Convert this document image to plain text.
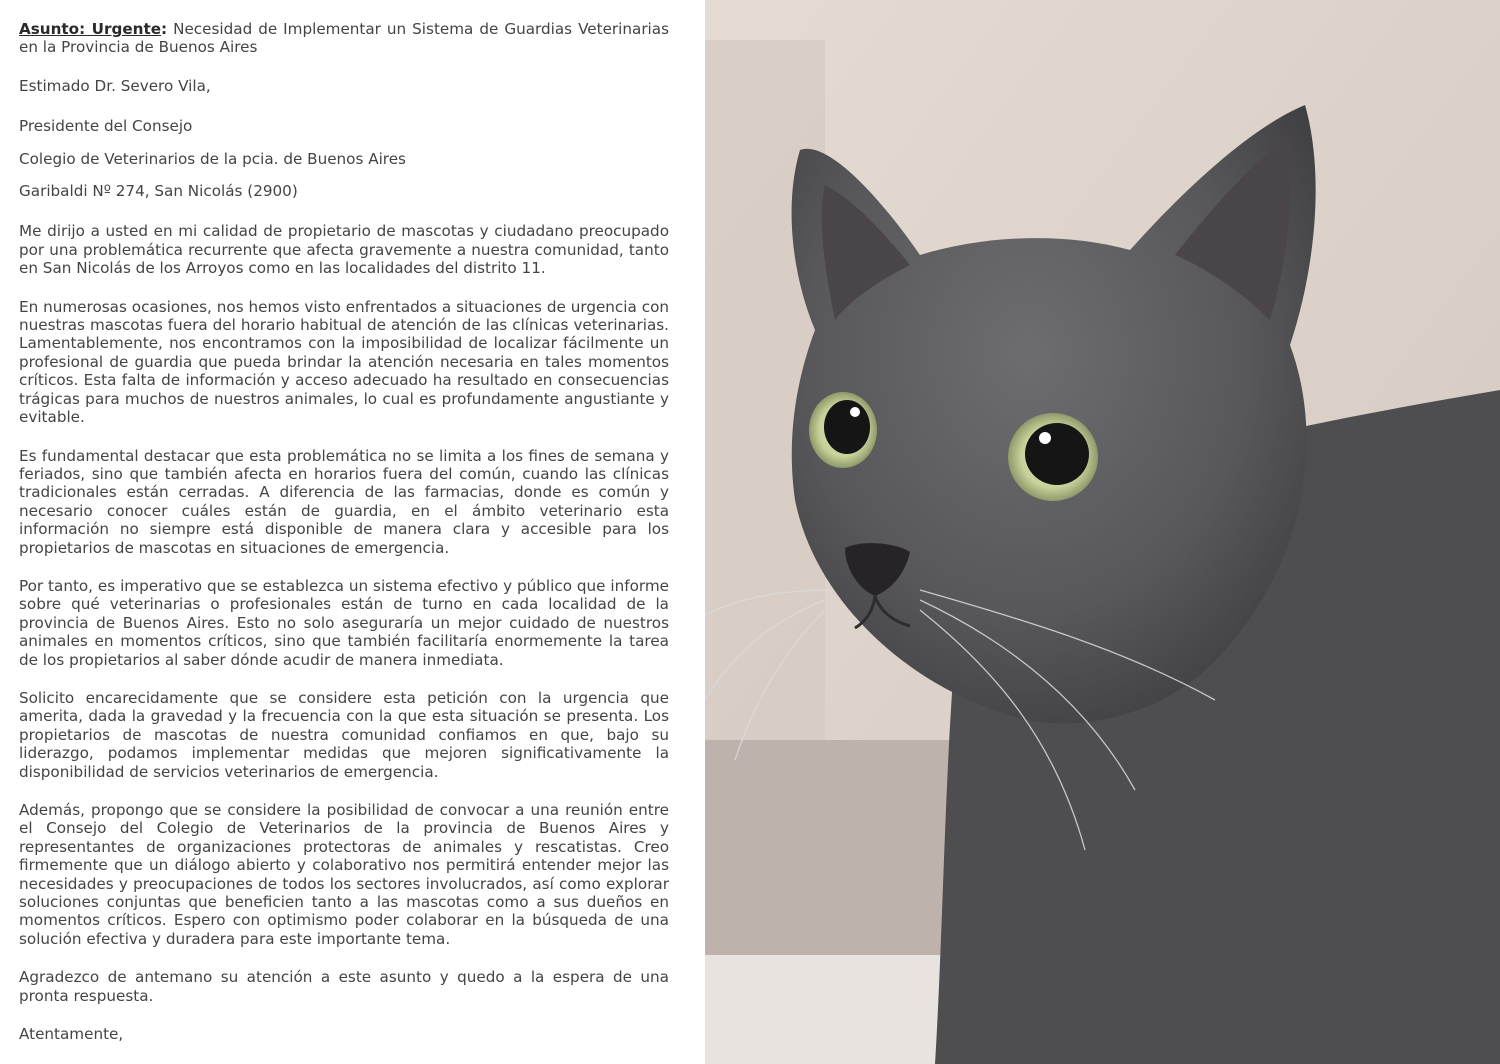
Asunto: Urgente: Necesidad de Implementar un Sistema de Guardias Veterinarias en la Provincia de Buenos Aires

Estimado Dr. Severo Vila,

Presidente del Consejo

Colegio de Veterinarios de la pcia. de Buenos Aires

Garibaldi Nº 274, San Nicolás (2900)

Me dirijo a usted en mi calidad de propietario de mascotas y ciudadano preocupado por una problemática recurrente que afecta gravemente a nuestra comunidad, tanto en San Nicolás de los Arroyos como en las localidades del distrito 11.

En numerosas ocasiones, nos hemos visto enfrentados a situaciones de urgencia con nuestras mascotas fuera del horario habitual de atención de las clínicas veterinarias. Lamentablemente, nos encontramos con la imposibilidad de localizar fácilmente un profesional de guardia que pueda brindar la atención necesaria en tales momentos críticos. Esta falta de información y acceso adecuado ha resultado en consecuencias trágicas para muchos de nuestros animales, lo cual es profundamente angustiante y evitable.

Es fundamental destacar que esta problemática no se limita a los fines de semana y feriados, sino que también afecta en horarios fuera del común, cuando las clínicas tradicionales están cerradas. A diferencia de las farmacias, donde es común y necesario conocer cuáles están de guardia, en el ámbito veterinario esta información no siempre está disponible de manera clara y accesible para los propietarios de mascotas en situaciones de emergencia.

Por tanto, es imperativo que se establezca un sistema efectivo y público que informe sobre qué veterinarias o profesionales están de turno en cada localidad de la provincia de Buenos Aires. Esto no solo aseguraría un mejor cuidado de nuestros animales en momentos críticos, sino que también facilitaría enormemente la tarea de los propietarios al saber dónde acudir de manera inmediata.

Solicito encarecidamente que se considere esta petición con la urgencia que amerita, dada la gravedad y la frecuencia con la que esta situación se presenta. Los propietarios de mascotas de nuestra comunidad confiamos en que, bajo su liderazgo, podamos implementar medidas que mejoren significativamente la disponibilidad de servicios veterinarios de emergencia.

Además, propongo que se considere la posibilidad de convocar a una reunión entre el Consejo del Colegio de Veterinarios de la provincia de Buenos Aires y representantes de organizaciones protectoras de animales y rescatistas. Creo firmemente que un diálogo abierto y colaborativo nos permitirá entender mejor las necesidades y preocupaciones de todos los sectores involucrados, así como explorar soluciones conjuntas que beneficien tanto a las mascotas como a sus dueños en momentos críticos. Espero con optimismo poder colaborar en la búsqueda de una solución efectiva y duradera para este importante tema.

Agradezco de antemano su atención a este asunto y quedo a la espera de una pronta respuesta.

Atentamente,
